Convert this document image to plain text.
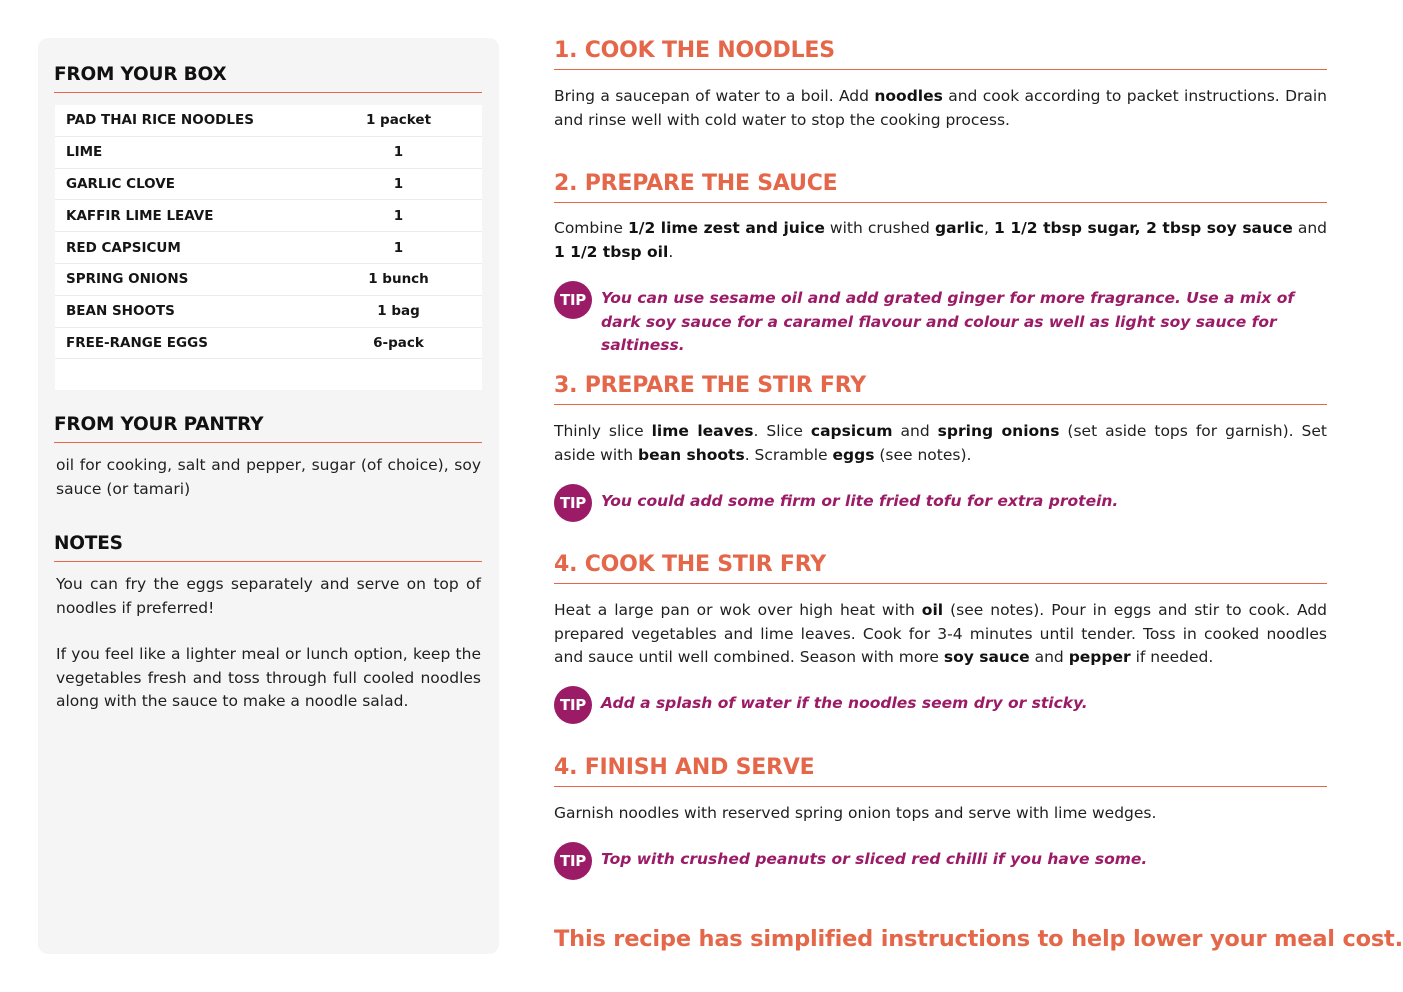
FROM YOUR BOX
PAD THAI RICE NOODLES	1 packet
LIME	1
GARLIC CLOVE	1
KAFFIR LIME LEAVE	1
RED CAPSICUM	1
SPRING ONIONS	1 bunch
BEAN SHOOTS	1 bag
FREE-RANGE EGGS	6-pack
FROM YOUR PANTRY
oil for cooking, salt and pepper, sugar (of choice), soy sauce (or tamari)
NOTES
You can fry the eggs separately and serve on top of noodles if preferred!
If you feel like a lighter meal or lunch option, keep the vegetables fresh and toss through full cooled noodles along with the sauce to make a noodle salad.
1. COOK THE NOODLES
Bring a saucepan of water to a boil. Add noodles and cook according to packet instructions. Drain and rinse well with cold water to stop the cooking process.
2. PREPARE THE SAUCE
Combine 1/2 lime zest and juice with crushed garlic, 1 1/2 tbsp sugar, 2 tbsp soy sauce and 1 1/2 tbsp oil.
TIP You can use sesame oil and add grated ginger for more fragrance. Use a mix of dark soy sauce for a caramel flavour and colour as well as light soy sauce for saltiness.
3. PREPARE THE STIR FRY
Thinly slice lime leaves. Slice capsicum and spring onions (set aside tops for garnish). Set aside with bean shoots. Scramble eggs (see notes).
TIP You could add some firm or lite fried tofu for extra protein.
4. COOK THE STIR FRY
Heat a large pan or wok over high heat with oil (see notes). Pour in eggs and stir to cook. Add prepared vegetables and lime leaves. Cook for 3-4 minutes until tender. Toss in cooked noodles and sauce until well combined. Season with more soy sauce and pepper if needed.
TIP Add a splash of water if the noodles seem dry or sticky.
4. FINISH AND SERVE
Garnish noodles with reserved spring onion tops and serve with lime wedges.
TIP Top with crushed peanuts or sliced red chilli if you have some.
This recipe has simplified instructions to help lower your meal cost.
